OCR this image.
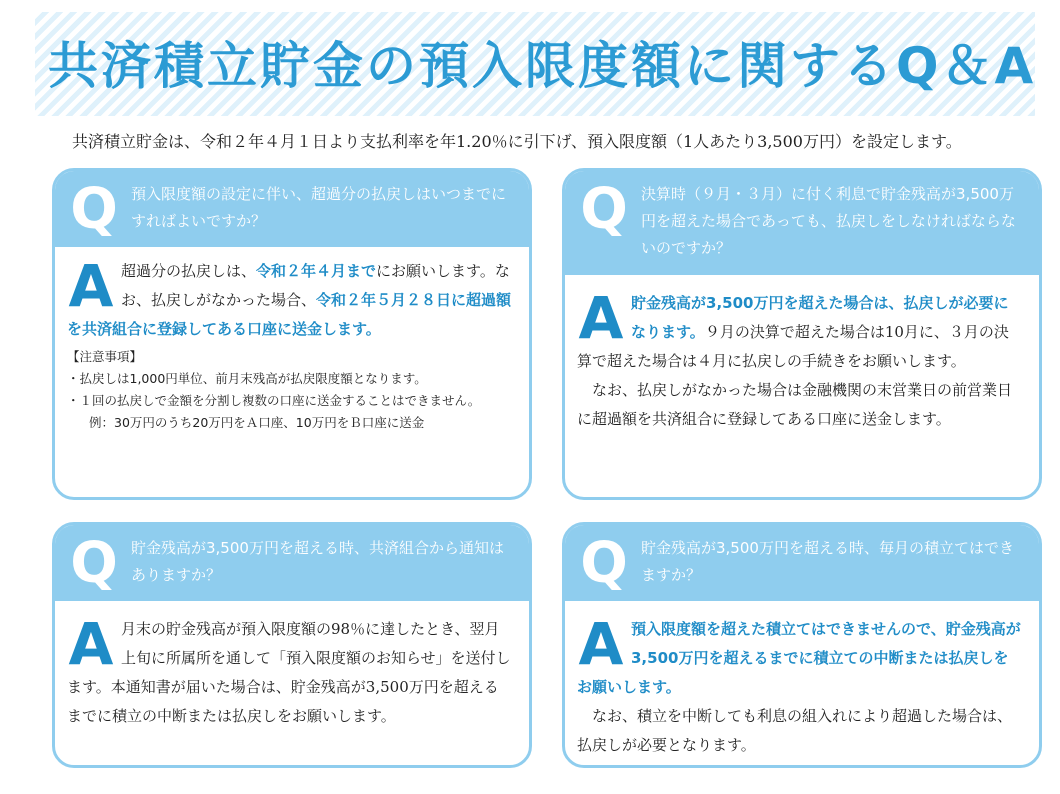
共済積立貯金の預入限度額に関するQ＆A
共済積立貯金は、令和２年４月１日より支払利率を年1.20％に引下げ、預入限度額（1人あたり3,500万円）を設定します。
Q 預入限度額の設定に伴い、超過分の払戻しはいつまでにすればよいですか？
A 超過分の払戻しは、令和２年４月までにお願いします。なお、払戻しがなかった場合、令和２年５月２８日に超過額を共済組合に登録してある口座に送金します。

【注意事項】
・払戻しは1,000円単位、前月末残高が払戻限度額となります。
・１回の払戻しで金額を分割し複数の口座に送金することはできません。
例：30万円のうち20万円をＡ口座、10万円をＢ口座に送金
Q 決算時（９月・３月）に付く利息で貯金残高が3,500万円を超えた場合であっても、払戻しをしなければならないのですか？
A 貯金残高が3,500万円を超えた場合は、払戻しが必要になります。９月の決算で超えた場合は10月に、３月の決算で超えた場合は４月に払戻しの手続きをお願いします。

なお、払戻しがなかった場合は金融機関の末営業日の前営業日に超過額を共済組合に登録してある口座に送金します。

Q 貯金残高が3,500万円を超える時、共済組合から通知はありますか？
A 月末の貯金残高が預入限度額の98％に達したとき、翌月上旬に所属所を通して「預入限度額のお知らせ」を送付します。本通知書が届いた場合は、貯金残高が3,500万円を超えるまでに積立の中断または払戻しをお願いします。

Q 貯金残高が3,500万円を超える時、毎月の積立てはできますか？
A 預入限度額を超えた積立てはできませんので、貯金残高が3,500万円を超えるまでに積立ての中断または払戻しをお願いします。

なお、積立を中断しても利息の組入れにより超過した場合は、払戻しが必要となります。
